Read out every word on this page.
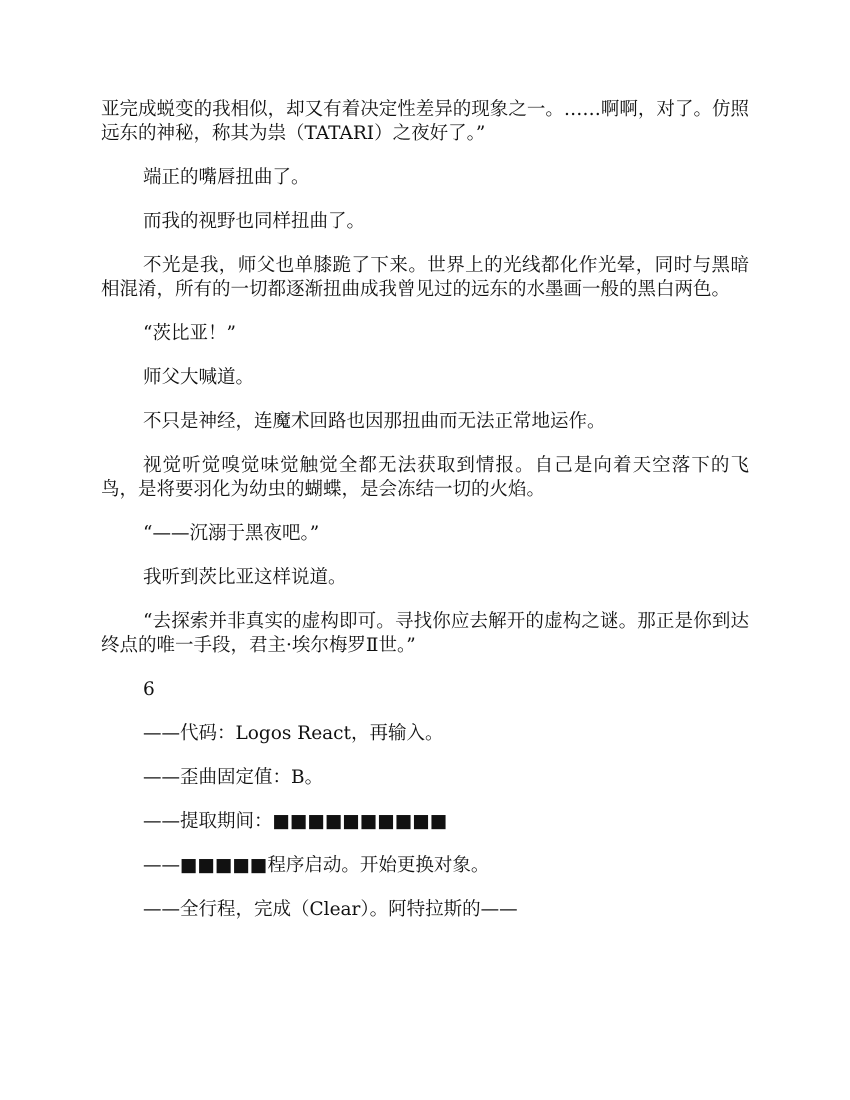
亚完成蜕变的我相似，却又有着决定性差异的现象之一。……啊啊，对了。仿照远东的神秘，称其为祟（TATARI）之夜好了。”

端正的嘴唇扭曲了。

而我的视野也同样扭曲了。

不光是我，师父也单膝跪了下来。世界上的光线都化作光晕，同时与黑暗相混淆，所有的一切都逐渐扭曲成我曾见过的远东的水墨画一般的黑白两色。

“茨比亚！”

师父大喊道。

不只是神经，连魔术回路也因那扭曲而无法正常地运作。

视觉听觉嗅觉味觉触觉全都无法获取到情报。自己是向着天空落下的飞鸟，是将要羽化为幼虫的蝴蝶，是会冻结一切的火焰。

“——沉溺于黑夜吧。”

我听到茨比亚这样说道。

“去探索并非真实的虚构即可。寻找你应去解开的虚构之谜。那正是你到达终点的唯一手段，君主·埃尔梅罗Ⅱ世。”

6

——代码：Logos React，再输入。

——歪曲固定值：B。

——提取期间：■■■■■■■■■■

——■■■■■程序启动。开始更换对象。

——全行程，完成（Clear）。阿特拉斯的——
